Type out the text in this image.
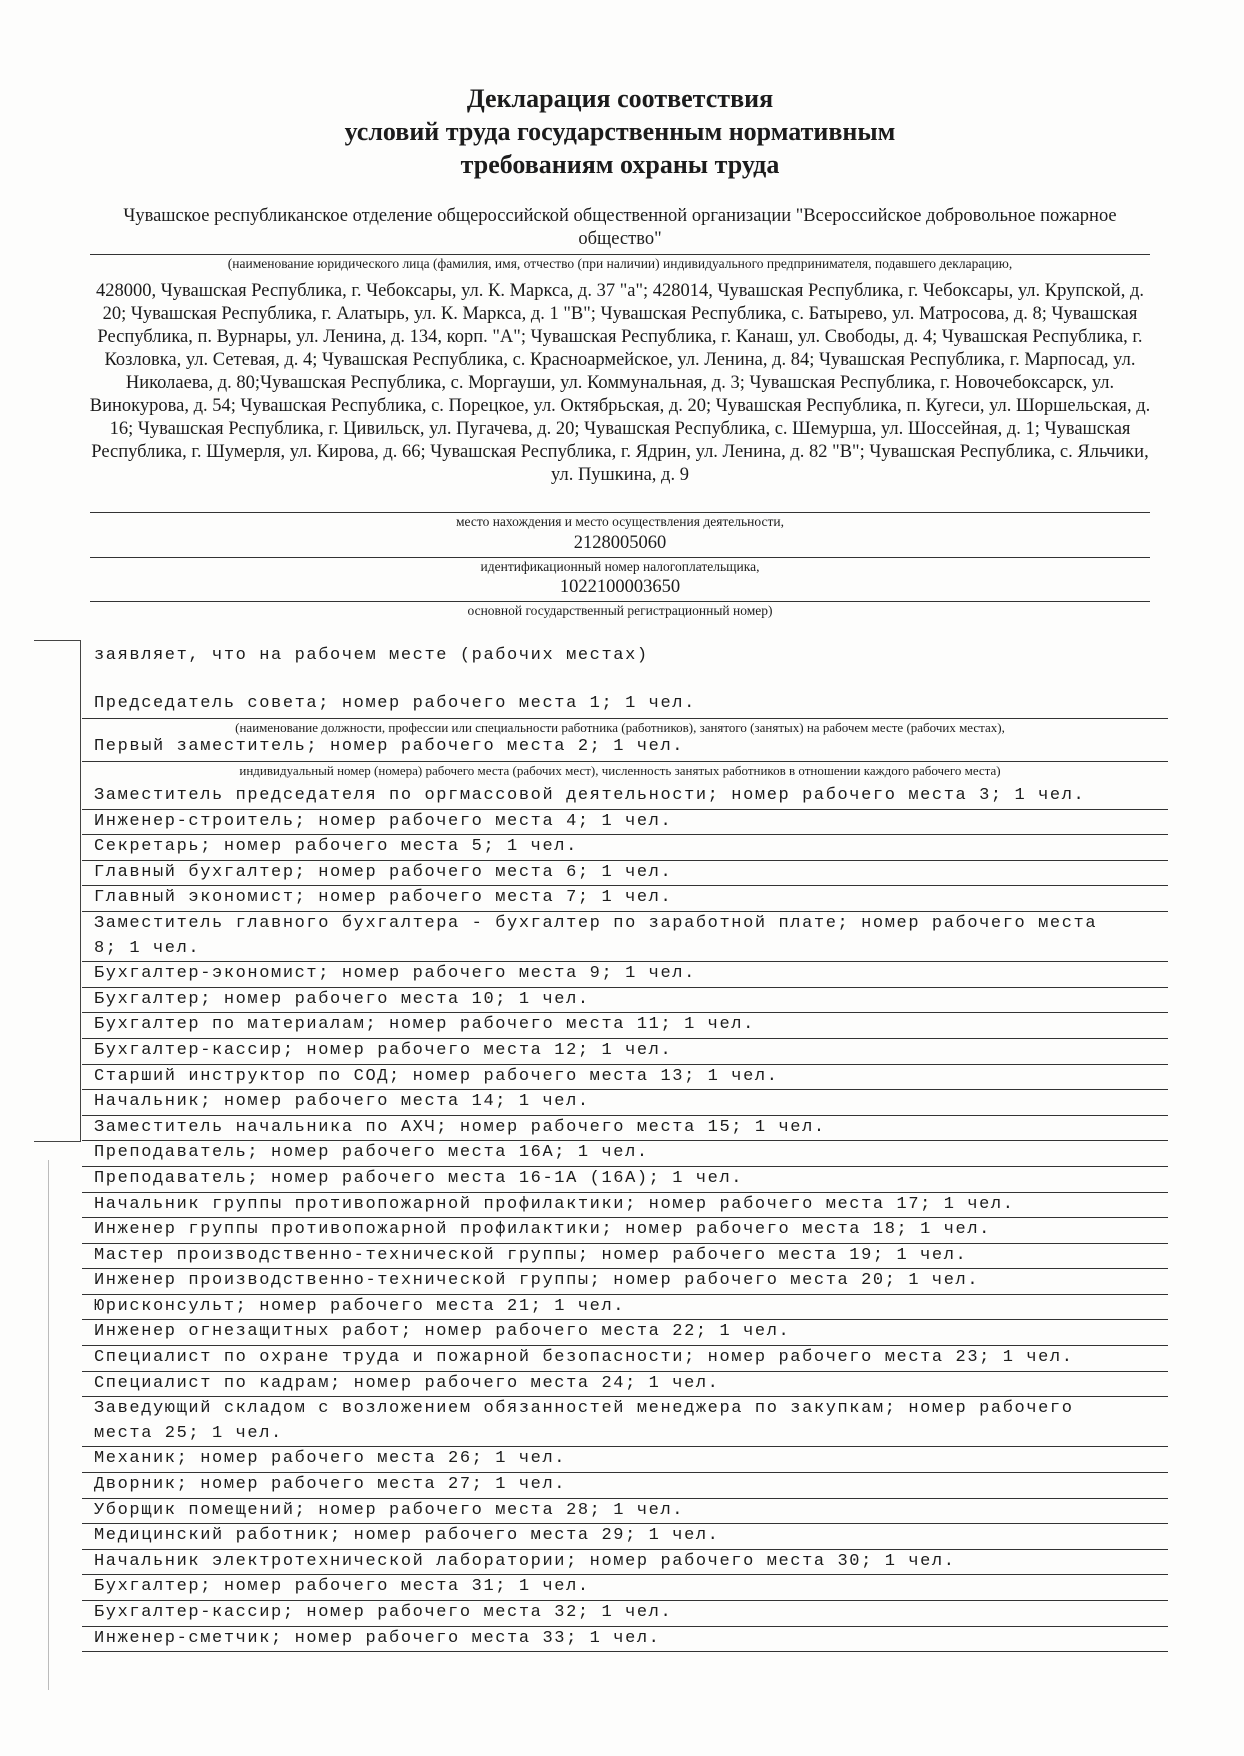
Декларация соответствия
условий труда государственным нормативным
требованиям охраны труда
Чувашское республиканское отделение общероссийской общественной организации "Всероссийское добровольное пожарное общество"
(наименование юридического лица (фамилия, имя, отчество (при наличии) индивидуального предпринимателя, подавшего декларацию,
428000, Чувашская Республика, г. Чебоксары, ул. К. Маркса, д. 37 "а"; 428014, Чувашская Республика, г. Чебоксары, ул. Крупской, д. 20; Чувашская Республика, г. Алатырь, ул. К. Маркса, д. 1 "В"; Чувашская Республика, с. Батырево, ул. Матросова, д. 8; Чувашская Республика, п. Вурнары, ул. Ленина, д. 134, корп. "А"; Чувашская Республика, г. Канаш, ул. Свободы, д. 4; Чувашская Республика, г. Козловка, ул. Сетевая, д. 4; Чувашская Республика, с. Красноармейское, ул. Ленина, д. 84; Чувашская Республика, г. Марпосад, ул. Николаева, д. 80;Чувашская Республика, с. Моргауши, ул. Коммунальная, д. 3; Чувашская Республика, г. Новочебоксарск, ул. Винокурова, д. 54; Чувашская Республика, с. Порецкое, ул. Октябрьская, д. 20; Чувашская Республика, п. Кугеси, ул. Шоршельская, д. 16; Чувашская Республика, г. Цивильск, ул. Пугачева, д. 20; Чувашская Республика, с. Шемурша, ул. Шоссейная, д. 1; Чувашская Республика, г. Шумерля, ул. Кирова, д. 66; Чувашская Республика, г. Ядрин, ул. Ленина, д. 82 "В"; Чувашская Республика, с. Яльчики, ул. Пушкина, д. 9
место нахождения и место осуществления деятельности,
2128005060
идентификационный номер налогоплательщика,
1022100003650
основной государственный регистрационный номер)
заявляет, что на рабочем месте (рабочих местах)
Председатель совета; номер рабочего места 1; 1 чел.
(наименование должности, профессии или специальности работника (работников), занятого (занятых) на рабочем месте (рабочих местах),
Первый заместитель; номер рабочего места 2; 1 чел.
индивидуальный номер (номера) рабочего места (рабочих мест), численность занятых работников в отношении каждого рабочего места)
Заместитель председателя по оргмассовой деятельности; номер рабочего места 3; 1 чел.
Инженер-строитель; номер рабочего места 4; 1 чел.
Секретарь; номер рабочего места 5; 1 чел.
Главный бухгалтер; номер рабочего места 6; 1 чел.
Главный экономист; номер рабочего места 7; 1 чел.
Заместитель главного бухгалтера - бухгалтер по заработной плате; номер рабочего места
8; 1 чел.
Бухгалтер-экономист; номер рабочего места 9; 1 чел.
Бухгалтер; номер рабочего места 10; 1 чел.
Бухгалтер по материалам; номер рабочего места 11; 1 чел.
Бухгалтер-кассир; номер рабочего места 12; 1 чел.
Старший инструктор по СОД; номер рабочего места 13; 1 чел.
Начальник; номер рабочего места 14; 1 чел.
Заместитель начальника по АХЧ; номер рабочего места 15; 1 чел.
Преподаватель; номер рабочего места 16А; 1 чел.
Преподаватель; номер рабочего места 16-1А (16А); 1 чел.
Начальник группы противопожарной профилактики; номер рабочего места 17; 1 чел.
Инженер группы противопожарной профилактики; номер рабочего места 18; 1 чел.
Мастер производственно-технической группы; номер рабочего места 19; 1 чел.
Инженер производственно-технической группы; номер рабочего места 20; 1 чел.
Юрисконсульт; номер рабочего места 21; 1 чел.
Инженер огнезащитных работ; номер рабочего места 22; 1 чел.
Специалист по охране труда и пожарной безопасности; номер рабочего места 23; 1 чел.
Специалист по кадрам; номер рабочего места 24; 1 чел.
Заведующий складом с возложением обязанностей менеджера по закупкам; номер рабочего
места 25; 1 чел.
Механик; номер рабочего места 26; 1 чел.
Дворник; номер рабочего места 27; 1 чел.
Уборщик помещений; номер рабочего места 28; 1 чел.
Медицинский работник; номер рабочего места 29; 1 чел.
Начальник электротехнической лаборатории; номер рабочего места 30; 1 чел.
Бухгалтер; номер рабочего места 31; 1 чел.
Бухгалтер-кассир; номер рабочего места 32; 1 чел.
Инженер-сметчик; номер рабочего места 33; 1 чел.
